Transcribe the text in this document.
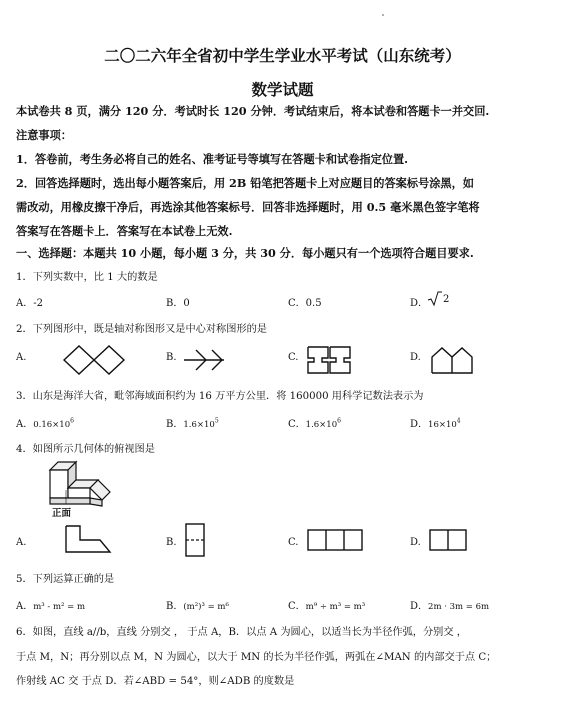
二〇二六年全省初中学生学业水平考试（山东统考）
数学试题
本试卷共 8 页，满分 120 分．考试时长 120 分钟．考试结束后，将本试卷和答题卡一并交回.
注意事项：
1．答卷前，考生务必将自己的姓名、准考证号等填写在答题卡和试卷指定位置.
2．回答选择题时，选出每小题答案后，用 2B 铅笔把答题卡上对应题目的答案标号涂黑，如
需改动，用橡皮擦干净后，再选涂其他答案标号．回答非选择题时，用 0.5 毫米黑色签字笔将
答案写在答题卡上．答案写在本试卷上无效.
一、选择题：本题共 10 小题，每小题 3 分，共 30 分．每小题只有一个选项符合题目要求.
1．下列实数中，比 1 大的数是
A．-2	B．0	C．0.5	D． 2
2．下列图形中，既是轴对称图形又是中心对称图形的是
A.	B.	C.	D.
3．山东是海洋大省，毗邻海域面积约为 16 万平方公里．将 160000 用科学记数法表示为
A．$0.16\times 10^6$	B．$1.6\times 10^5$	C．$1.6\times 10^6$	D．$16\times 10^4$
4．如图所示几何体的俯视图是
正面
A.	B.	C.	D.
5．下列运算正确的是
A．m³ - m² = m	B．(m²)³ = m⁶	C．m⁹ ÷ m³ = m³	D．2m · 3m = 6m
6．如图，直线 a//b，直线 分别交 ， 于点 A，B．以点 A 为圆心，以适当长为半径作弧，分别交 ，
于点 M，N；再分别以点 M，N 为圆心，以大于 MN 的长为半径作弧，两弧在∠MAN 的内部交于点 C；
作射线 AC 交 于点 D．若∠ABD = 54°，则∠ADB 的度数是
